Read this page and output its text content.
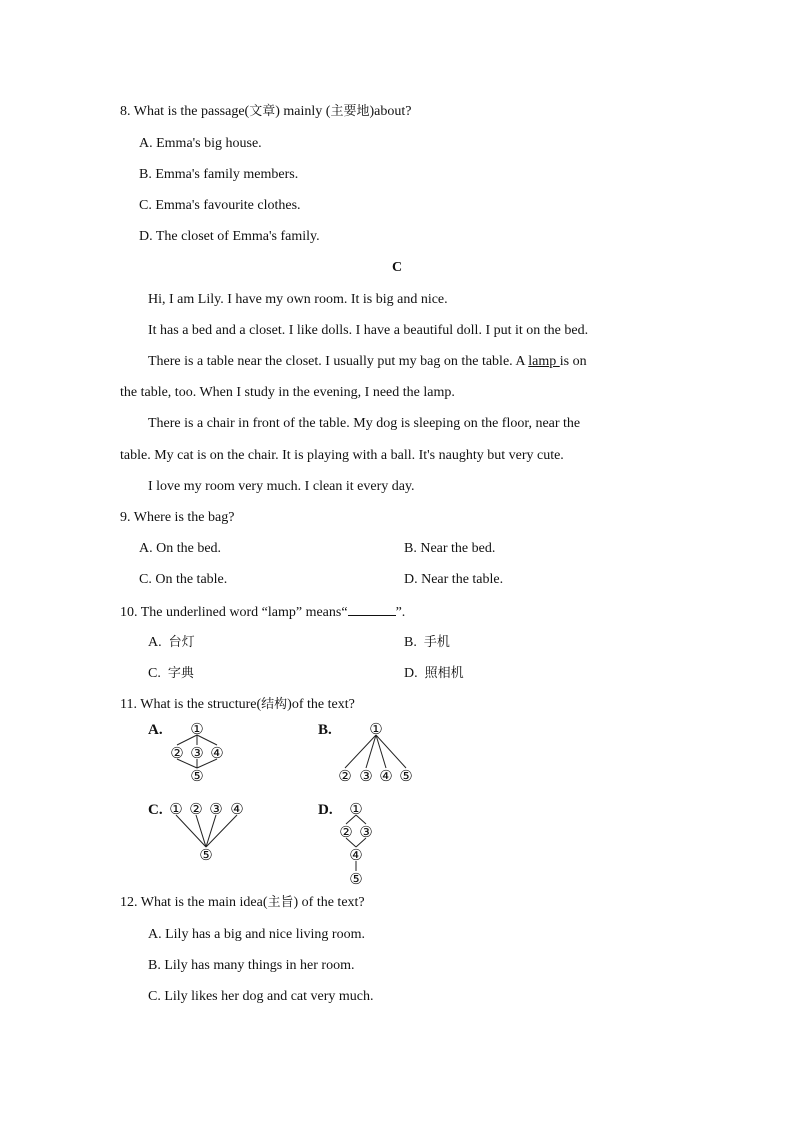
8. What is the passage(文章) mainly (主要地)about?
A. Emma's big house.
B. Emma's family members.
C. Emma's favourite clothes.
D. The closet of Emma's family.
C
Hi, I am Lily. I have my own room. It is big and nice.
It has a bed and a closet. I like dolls. I have a beautiful doll. I put it on the bed.
There is a table near the closet. I usually put my bag on the table. A lamp is on
the table, too. When I study in the evening, I need the lamp.
There is a chair in front of the table. My dog is sleeping on the floor, near the
table. My cat is on the chair. It is playing with a ball. It's naughty but very cute.
I love my room very much. I clean it every day.
9. Where is the bag?
A. On the bed.	B. Near the bed.
C. On the table.	D. Near the table.
10. The underlined word “lamp” means“	”.
A. 台灯	B. 手机
C. 字典	D. 照相机
11. What is the structure(结构)of the text?
A.	B.
C.	D.
①
② ③ ④
⑤
①
② ③ ④ ⑤
① ② ③ ④
⑤
①
② ③
④
⑤
12. What is the main idea(主旨) of the text?
A. Lily has a big and nice living room.
B. Lily has many things in her room.
C. Lily likes her dog and cat very much.
